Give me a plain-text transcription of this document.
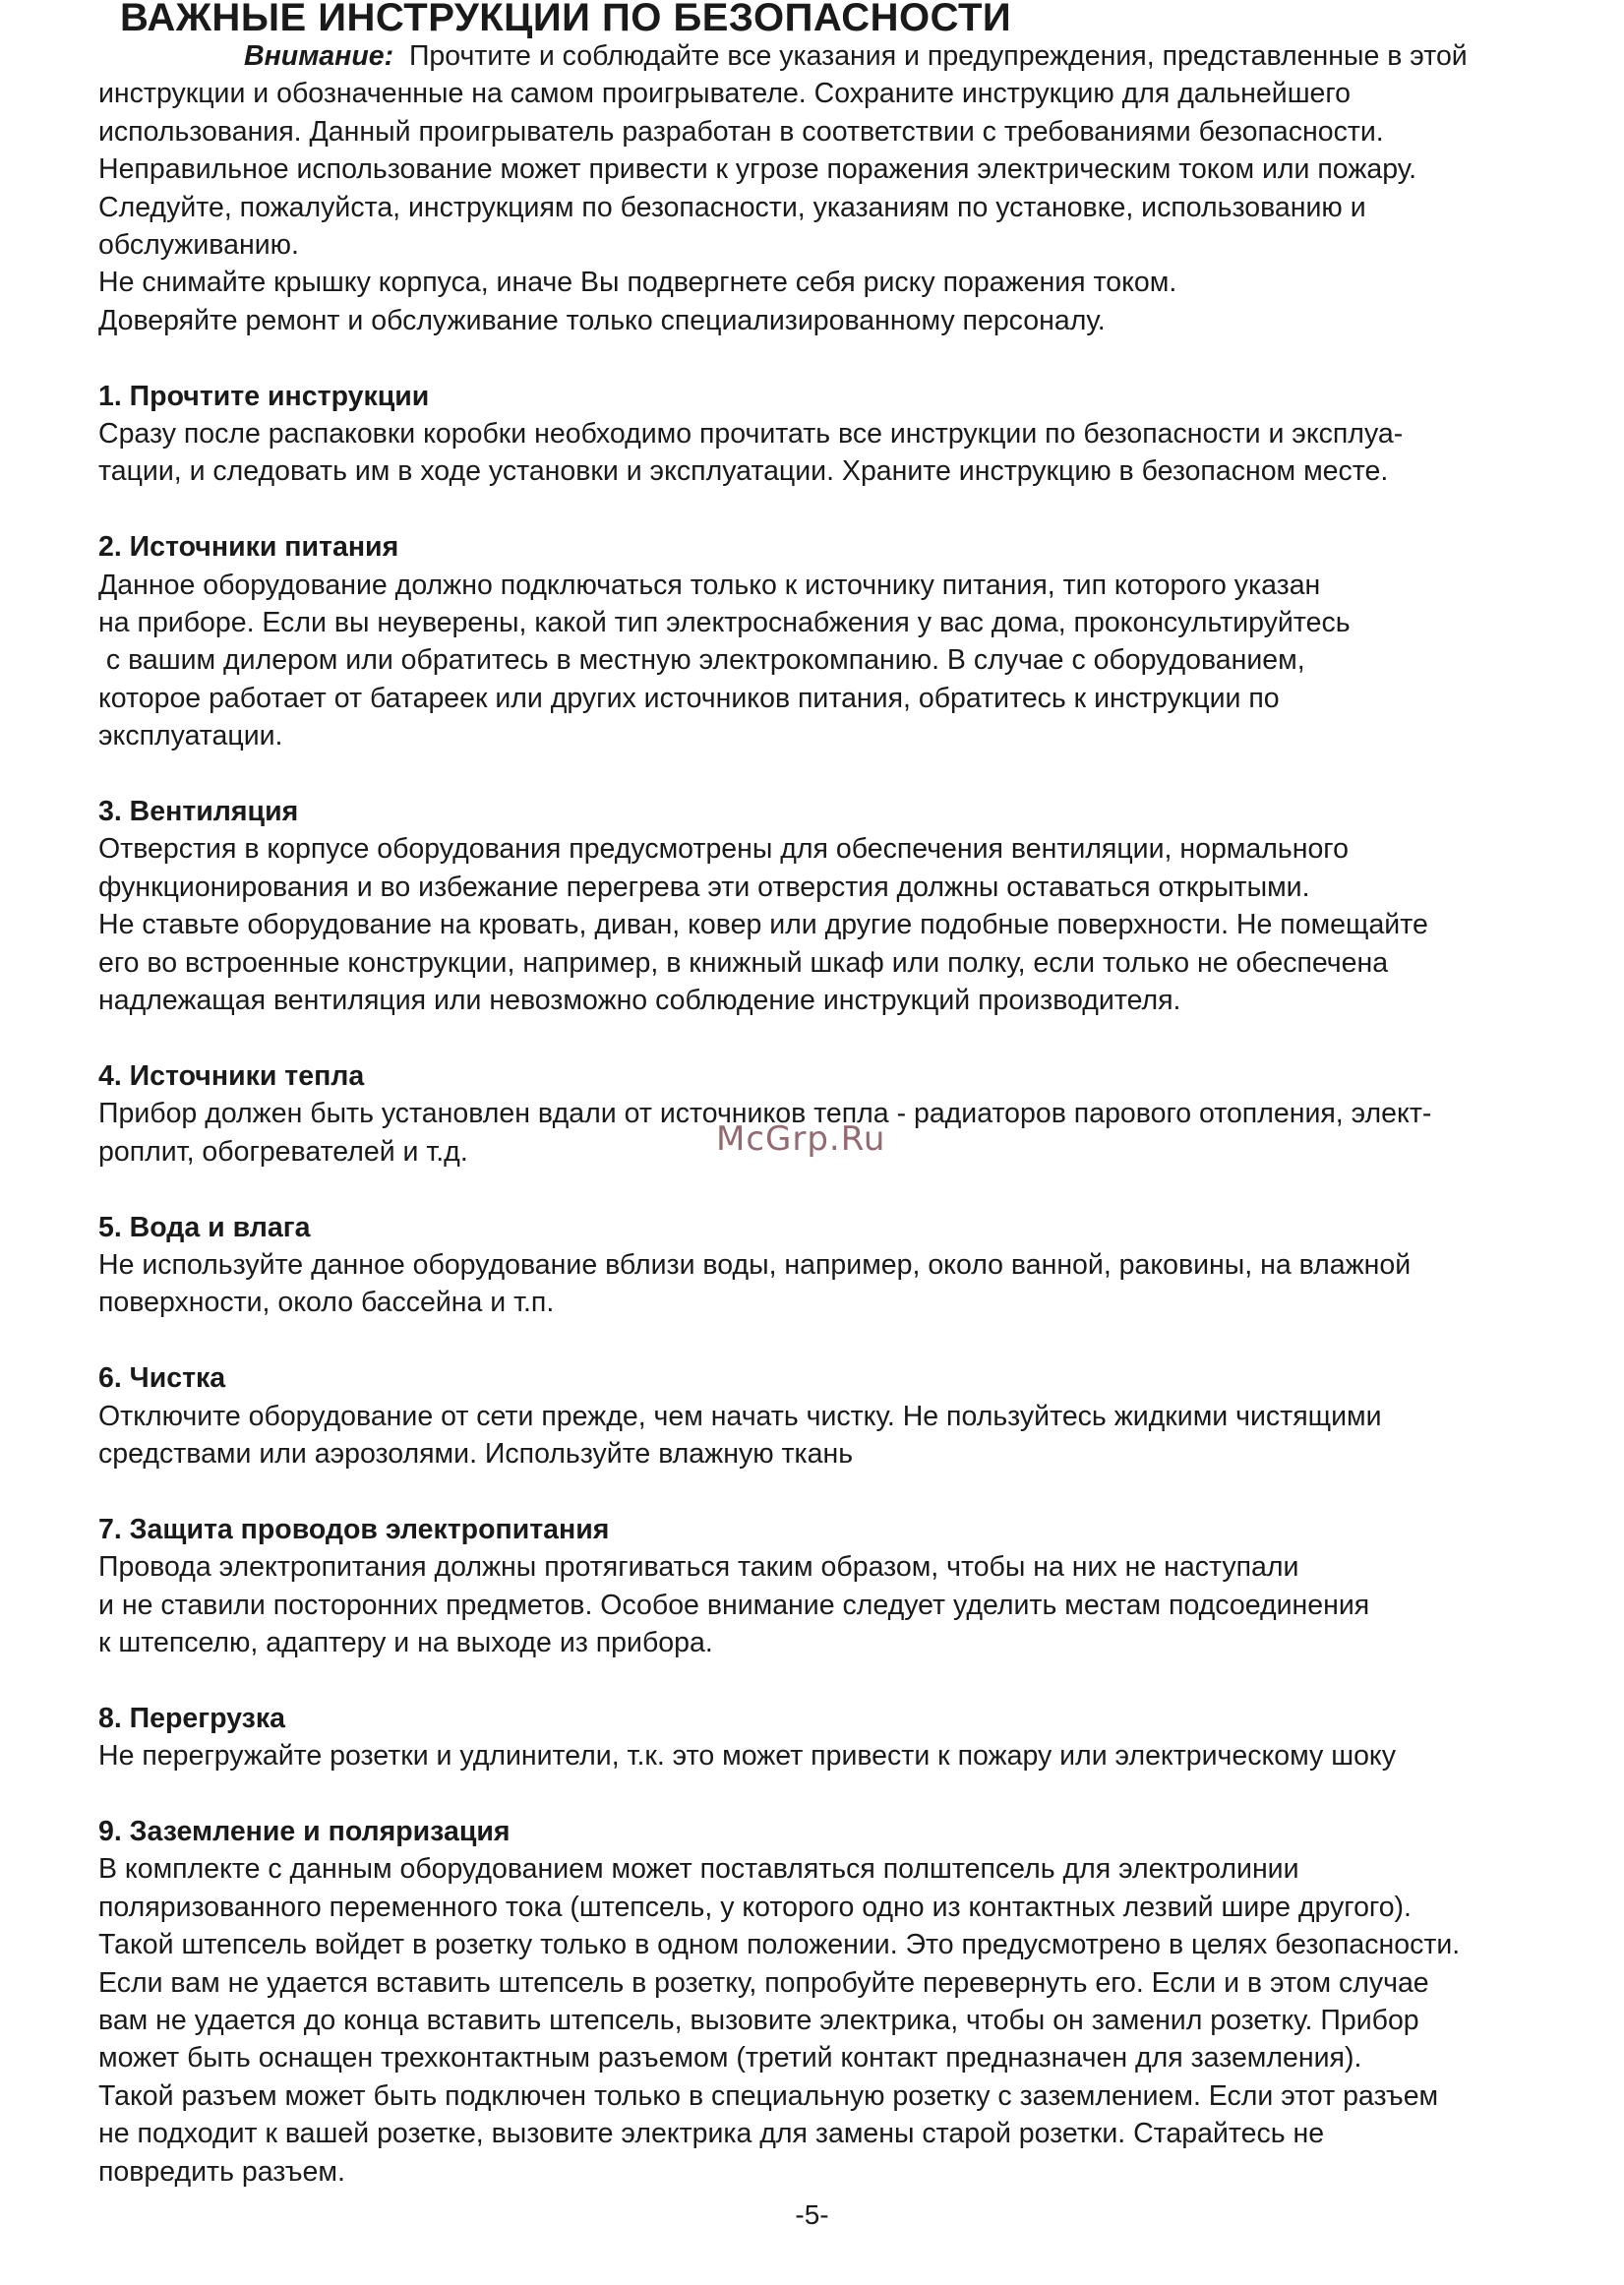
ВАЖНЫЕ ИНСТРУКЦИИ ПО БЕЗОПАСНОСТИ
Внимание:  Прочтите и соблюдайте все указания и предупреждения, представленные в этой
инструкции и обозначенные на самом проигрывателе. Сохраните инструкцию для дальнейшего
использования. Данный проигрыватель разработан в соответствии с требованиями безопасности.
Неправильное использование может привести к угрозе поражения электрическим током или пожару.
Следуйте, пожалуйста, инструкциям по безопасности, указаниям по установке, использованию и
обслуживанию.
Не снимайте крышку корпуса, иначе Вы подвергнете себя риску поражения током.
Доверяйте ремонт и обслуживание только специализированному персоналу.
1. Прочтите инструкции
Сразу после распаковки коробки необходимо прочитать все инструкции по безопасности и эксплуа-
тации, и следовать им в ходе установки и эксплуатации. Храните инструкцию в безопасном месте.
2. Источники питания
Данное оборудование должно подключаться только к источнику питания, тип которого указан
на приборе. Если вы неуверены, какой тип электроснабжения у вас дома, проконсультируйтесь
с вашим дилером или обратитесь в местную электрокомпанию. В случае с оборудованием,
которое работает от батареек или других источников питания, обратитесь к инструкции по
эксплуатации.
3. Вентиляция
Отверстия в корпусе оборудования предусмотрены для обеспечения вентиляции, нормального
функционирования и во избежание перегрева эти отверстия должны оставаться открытыми.
Не ставьте оборудование на кровать, диван, ковер или другие подобные поверхности. Не помещайте
его во встроенные конструкции, например, в книжный шкаф или полку, если только не обеспечена
надлежащая вентиляция или невозможно соблюдение инструкций производителя.
4. Источники тепла
Прибор должен быть установлен вдали от источников тепла - радиаторов парового отопления, элект-
роплит, обогревателей и т.д.
5. Вода и влага
Не используйте данное оборудование вблизи воды, например, около ванной, раковины, на влажной
поверхности, около бассейна и т.п.
6. Чистка
Отключите оборудование от сети прежде, чем начать чистку. Не пользуйтесь жидкими чистящими
средствами или аэрозолями. Используйте влажную ткань
7. Защита проводов электропитания
Провода электропитания должны протягиваться таким образом, чтобы на них не наступали
и не ставили посторонних предметов. Особое внимание следует уделить местам подсоединения
к штепселю, адаптеру и на выходе из прибора.
8. Перегрузка
Не перегружайте розетки и удлинители, т.к. это может привести к пожару или электрическому шоку
9. Заземление и поляризация
В комплекте с данным оборудованием может поставляться полштепсель для электролинии
поляризованного переменного тока (штепсель, у которого одно из контактных лезвий шире другого).
Такой штепсель войдет в розетку только в одном положении. Это предусмотрено в целях безопасности.
Если вам не удается вставить штепсель в розетку, попробуйте перевернуть его. Если и в этом случае
вам не удается до конца вставить штепсель, вызовите электрика, чтобы он заменил розетку. Прибор
может быть оснащен трехконтактным разъемом (третий контакт предназначен для заземления).
Такой разъем может быть подключен только в специальную розетку с заземлением. Если этот разъем
не подходит к вашей розетке, вызовите электрика для замены старой розетки. Старайтесь не
повредить разъем.
McGrp.Ru
-5-
